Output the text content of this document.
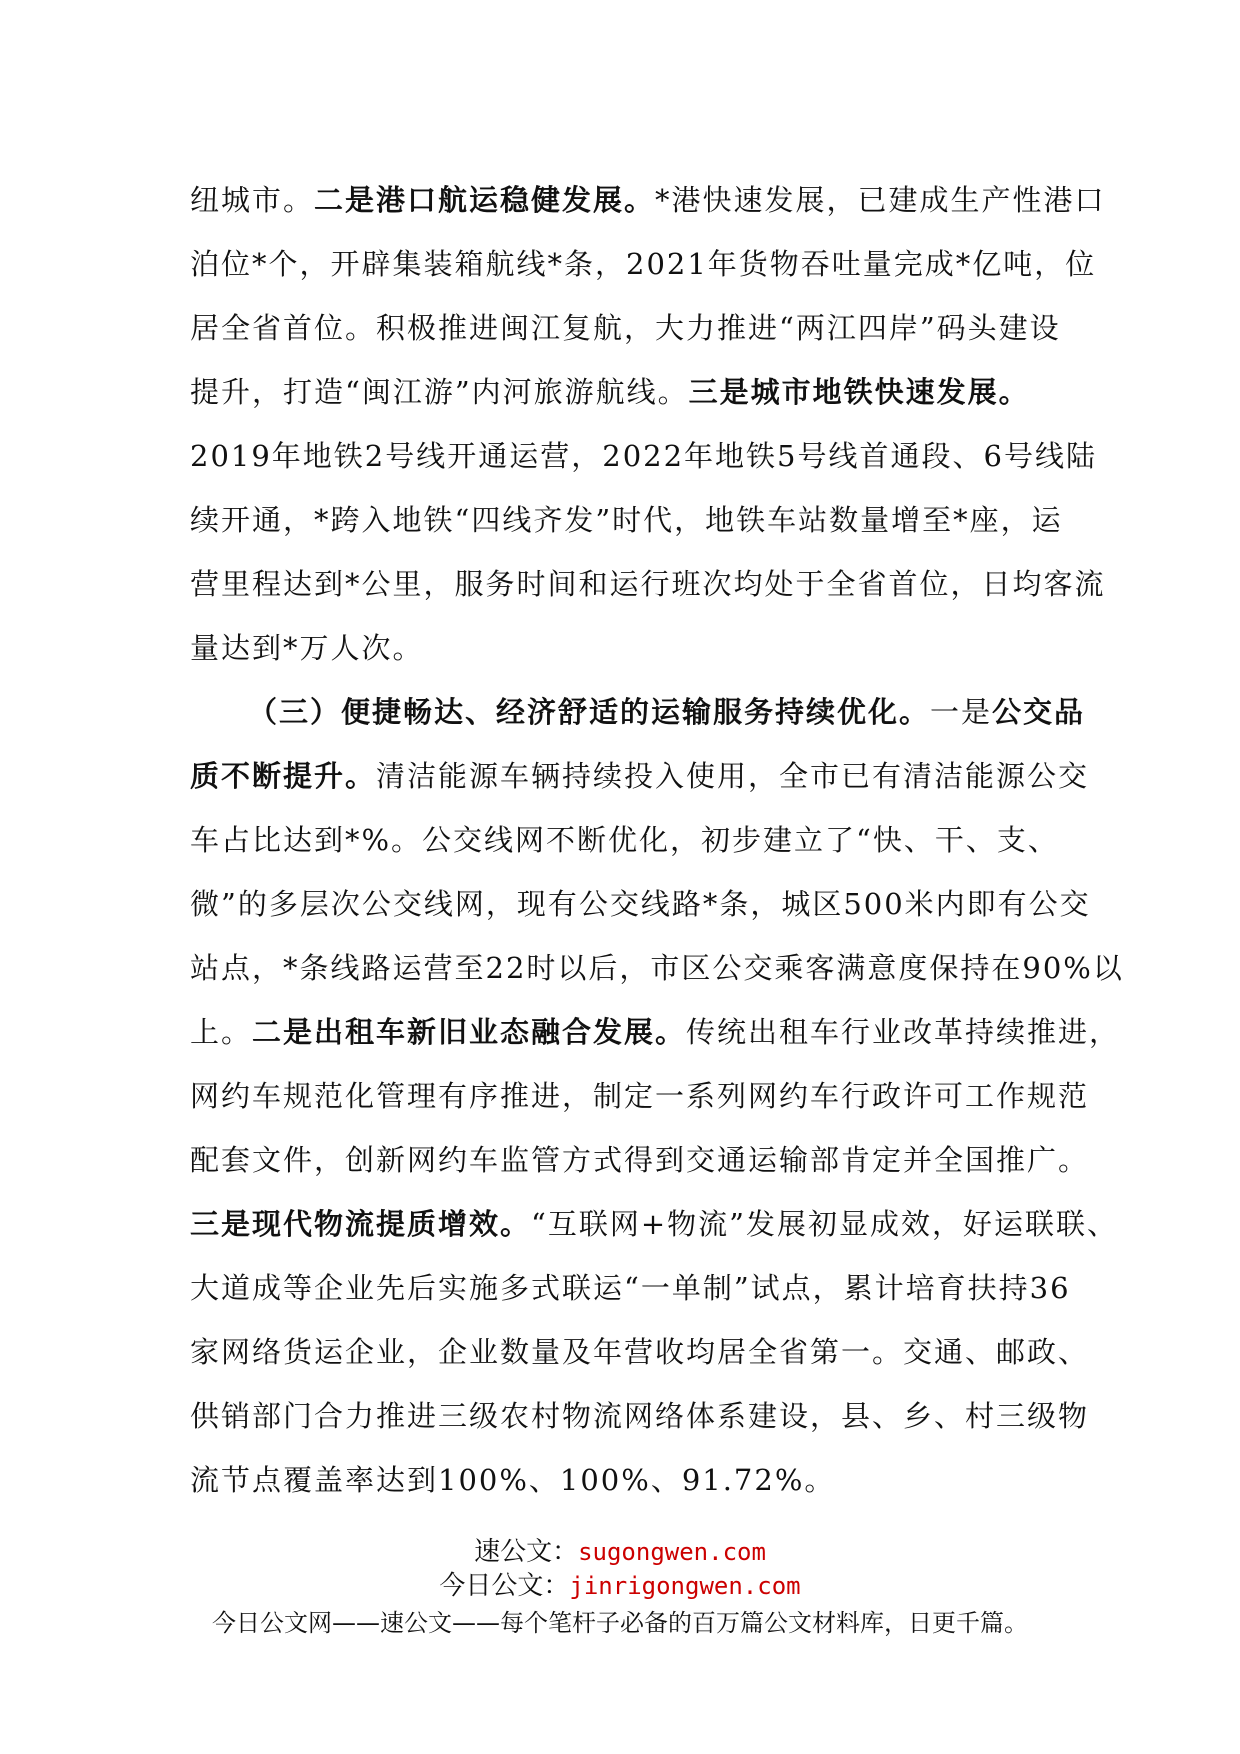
纽城市。二是港口航运稳健发展。*港快速发展，已建成生产性港口
泊位*个，开辟集装箱航线*条，2021年货物吞吐量完成*亿吨，位
居全省首位。积极推进闽江复航，大力推进“两江四岸”码头建设
提升，打造“闽江游”内河旅游航线。三是城市地铁快速发展。
2019年地铁2号线开通运营，2022年地铁5号线首通段、6号线陆
续开通，*跨入地铁“四线齐发”时代，地铁车站数量增至*座，运
营里程达到*公里，服务时间和运行班次均处于全省首位，日均客流
量达到*万人次。
（三）便捷畅达、经济舒适的运输服务持续优化。一是公交品
质不断提升。清洁能源车辆持续投入使用，全市已有清洁能源公交
车占比达到*%。公交线网不断优化，初步建立了“快、干、支、
微”的多层次公交线网，现有公交线路*条，城区500米内即有公交
站点，*条线路运营至22时以后，市区公交乘客满意度保持在90%以
上。二是出租车新旧业态融合发展。传统出租车行业改革持续推进，
网约车规范化管理有序推进，制定一系列网约车行政许可工作规范
配套文件，创新网约车监管方式得到交通运输部肯定并全国推广。
三是现代物流提质增效。“互联网+物流”发展初显成效，好运联联、
大道成等企业先后实施多式联运“一单制”试点，累计培育扶持36
家网络货运企业，企业数量及年营收均居全省第一。交通、邮政、
供销部门合力推进三级农村物流网络体系建设，县、乡、村三级物
流节点覆盖率达到100%、100%、91.72%。
速公文：sugongwen.com
今日公文：jinrigongwen.com
今日公文网——速公文——每个笔杆子必备的百万篇公文材料库，日更千篇。
